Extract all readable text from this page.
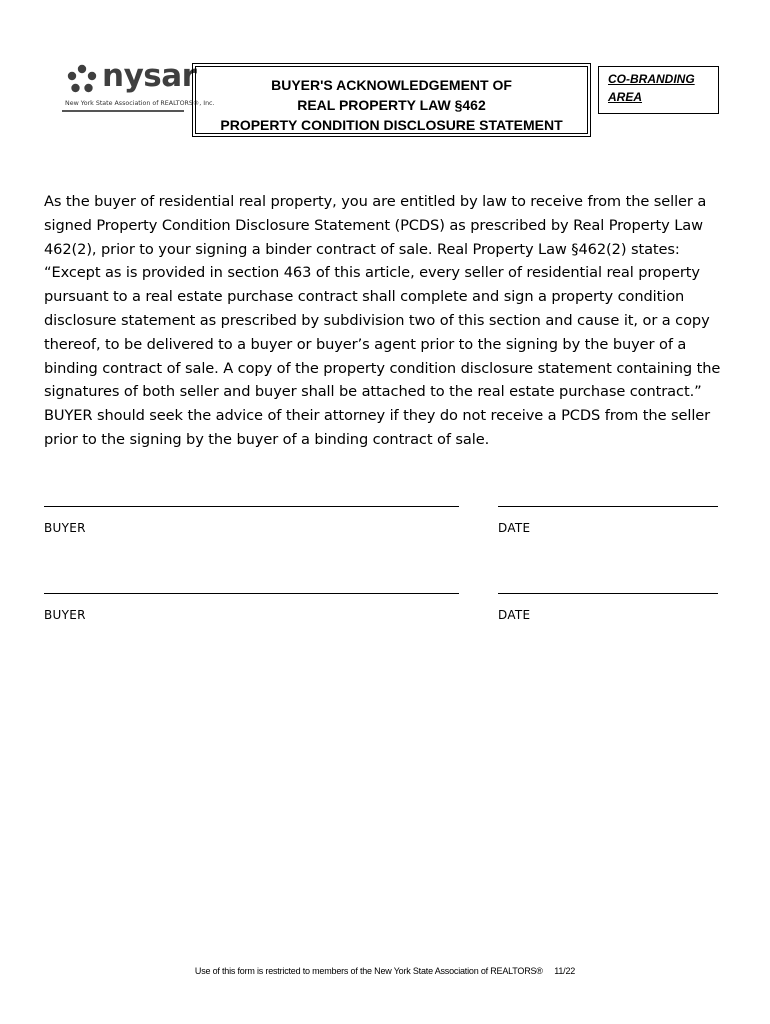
nysar
New York State Association of REALTORS®, Inc.
BUYER'S ACKNOWLEDGEMENT OF
REAL PROPERTY LAW §462
PROPERTY CONDITION DISCLOSURE STATEMENT
CO-BRANDING
AREA

As the buyer of residential real property, you are entitled by law to receive from the seller a signed Property Condition Disclosure Statement (PCDS) as prescribed by Real Property Law 462(2), prior to your signing a binder contract of sale. Real Property Law §462(2) states: “Except as is provided in section 463 of this article, every seller of residential real property pursuant to a real estate purchase contract shall complete and sign a property condition disclosure statement as prescribed by subdivision two of this section and cause it, or a copy thereof, to be delivered to a buyer or buyer’s agent prior to the signing by the buyer of a binding contract of sale. A copy of the property condition disclosure statement containing the signatures of both seller and buyer shall be attached to the real estate purchase contract.” BUYER should seek the advice of their attorney if they do not receive a PCDS from the seller prior to the signing by the buyer of a binding contract of sale.

BUYER	DATE
BUYER	DATE
Use of this form is restricted to members of the New York State Association of REALTORS®     11/22
